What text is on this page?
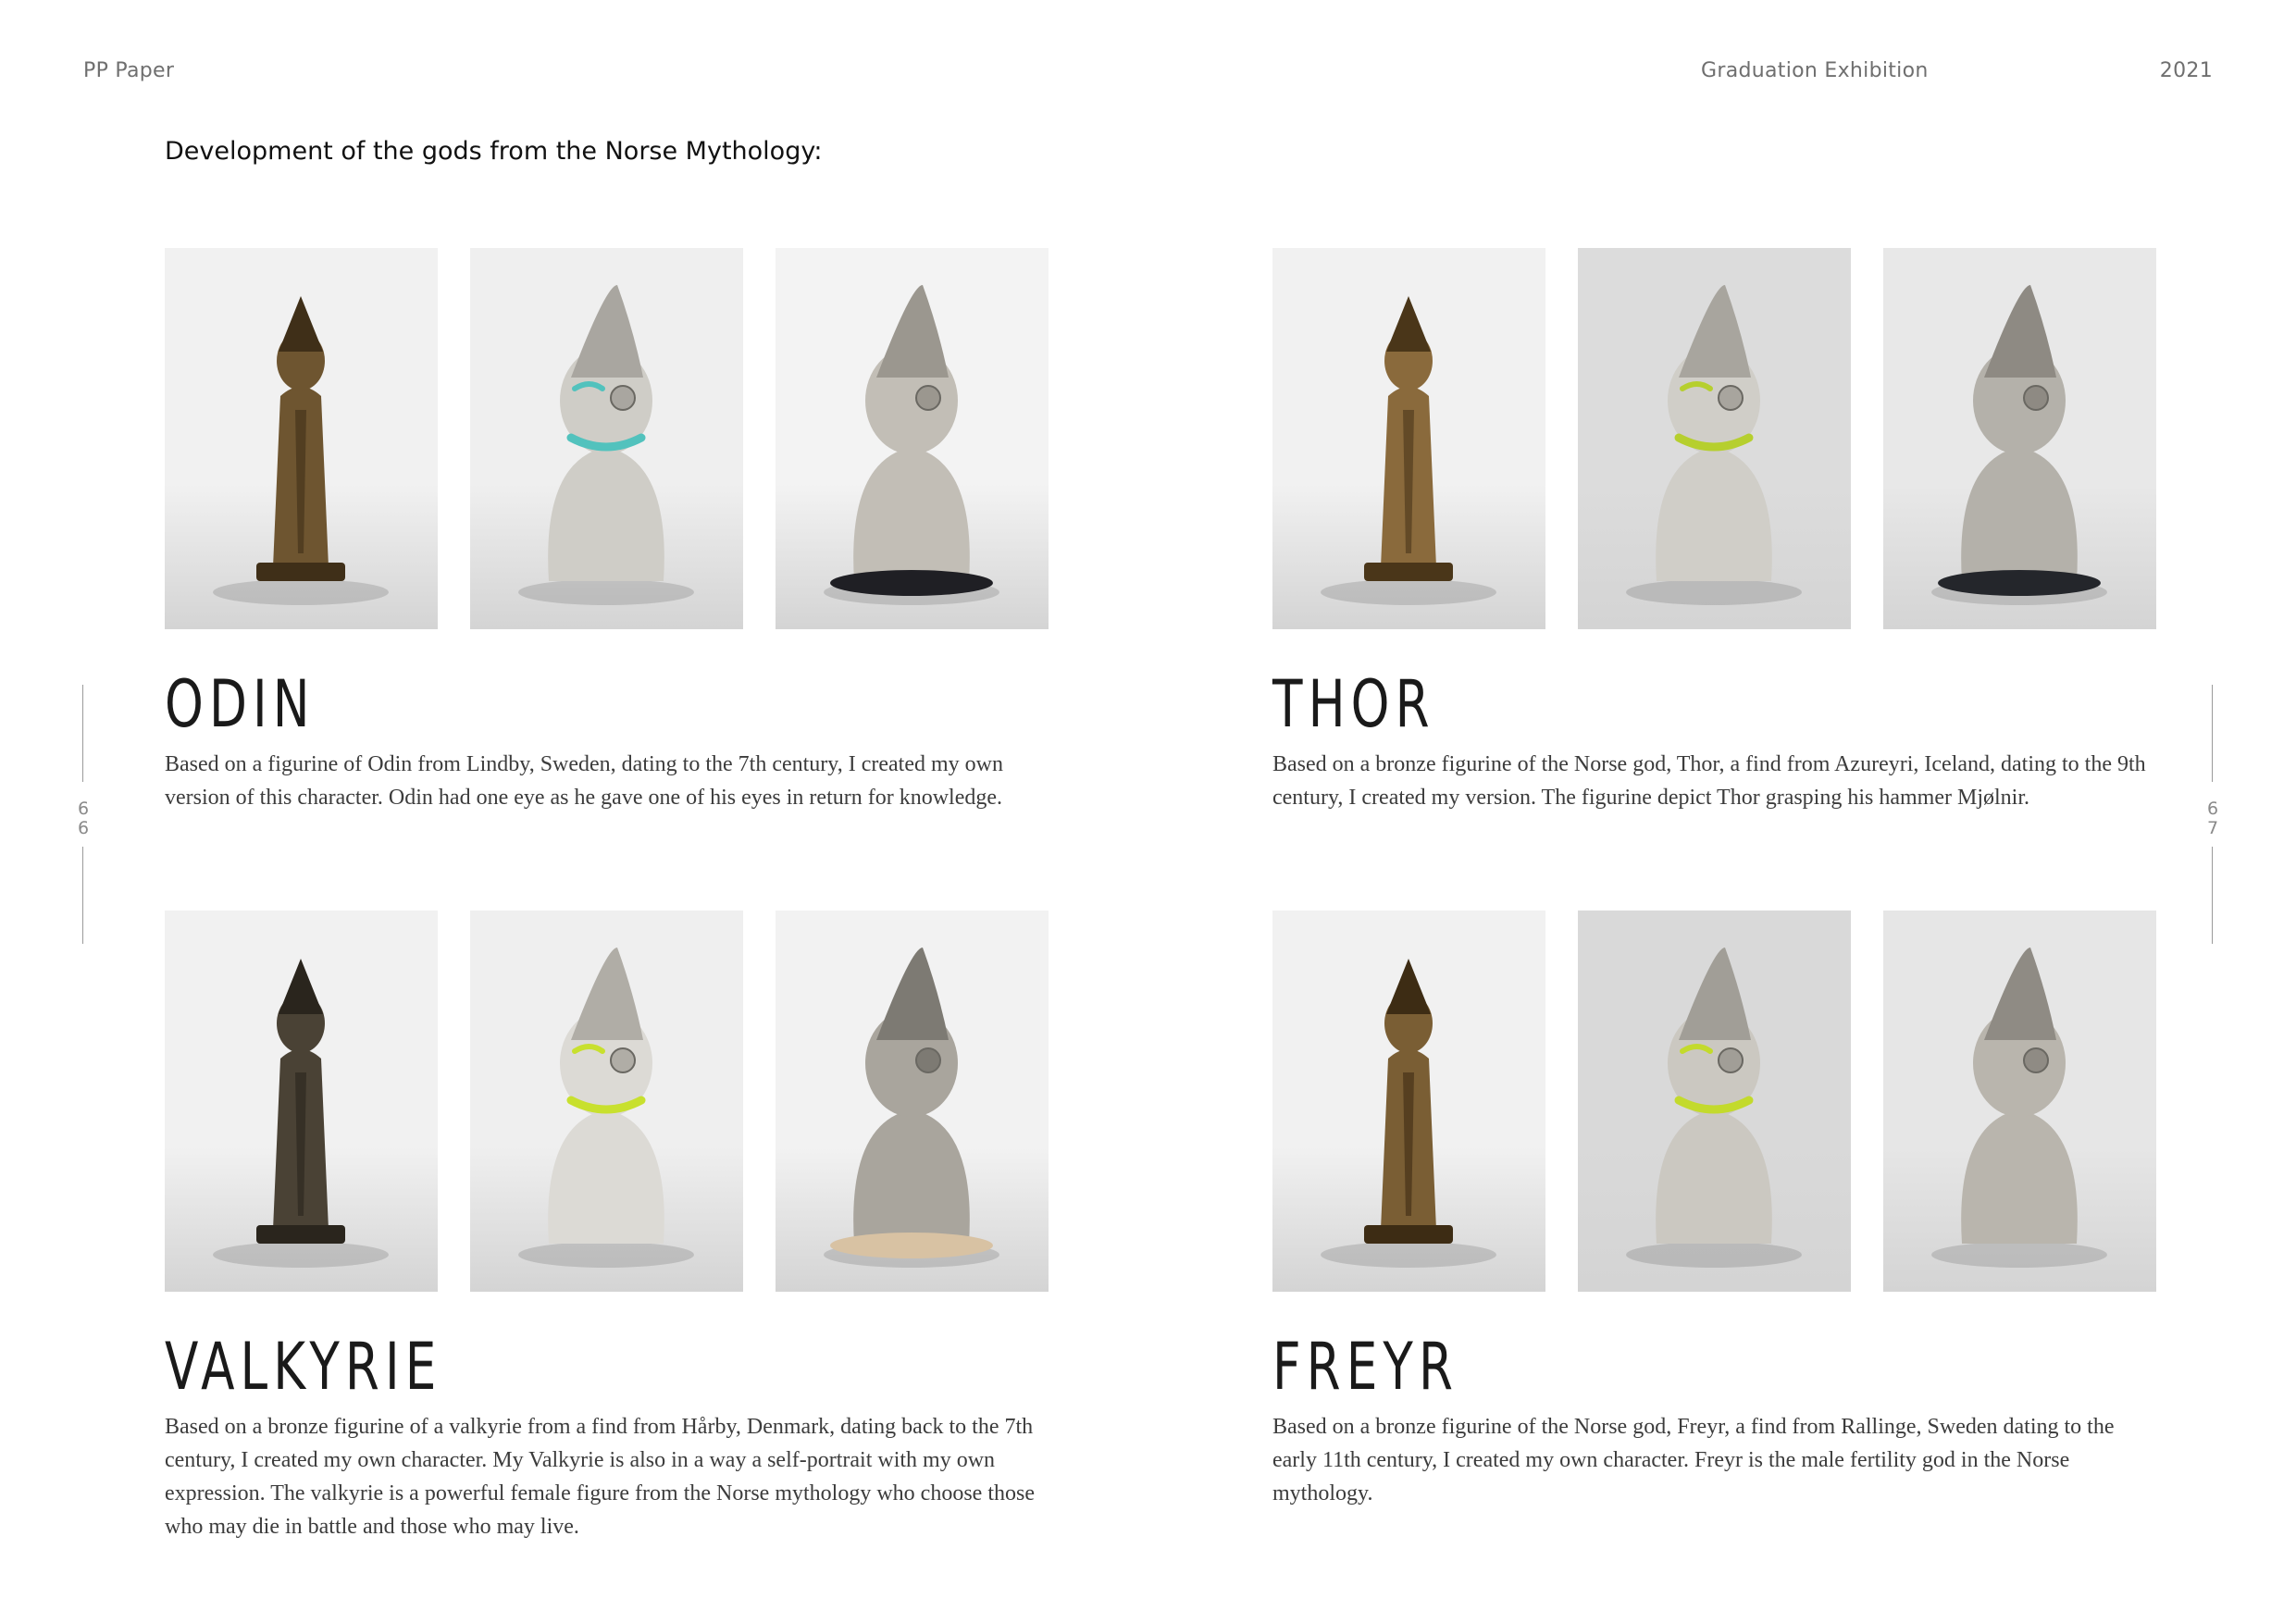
PP Paper	Graduation Exhibition	2021
Development of the gods from the Norse Mythology:
6
6
6
7
ODIN

Based on a figurine of Odin from Lindby, Sweden, dating to the 7th century, I created my own version of this character. Odin had one eye as he gave one of his eyes in return for knowledge.

THOR

Based on a bronze figurine of the Norse god, Thor, a find from Azureyri, Iceland, dating to the 9th century, I created my version. The figurine depict Thor grasping his hammer Mjølnir.

VALKYRIE

Based on a bronze figurine of a valkyrie from a find from Hårby, Denmark, dating back to the 7th century, I created my own character. My Valkyrie is also in a way a self-portrait with my own expression. The valkyrie is a powerful female figure from the Norse mythology who choose those who may die in battle and those who may live.

FREYR

Based on a bronze figurine of the Norse god, Freyr, a find from Rallinge, Sweden dating to the early 11th century, I created my own character. Freyr is the male fertility god in the Norse mythology.
